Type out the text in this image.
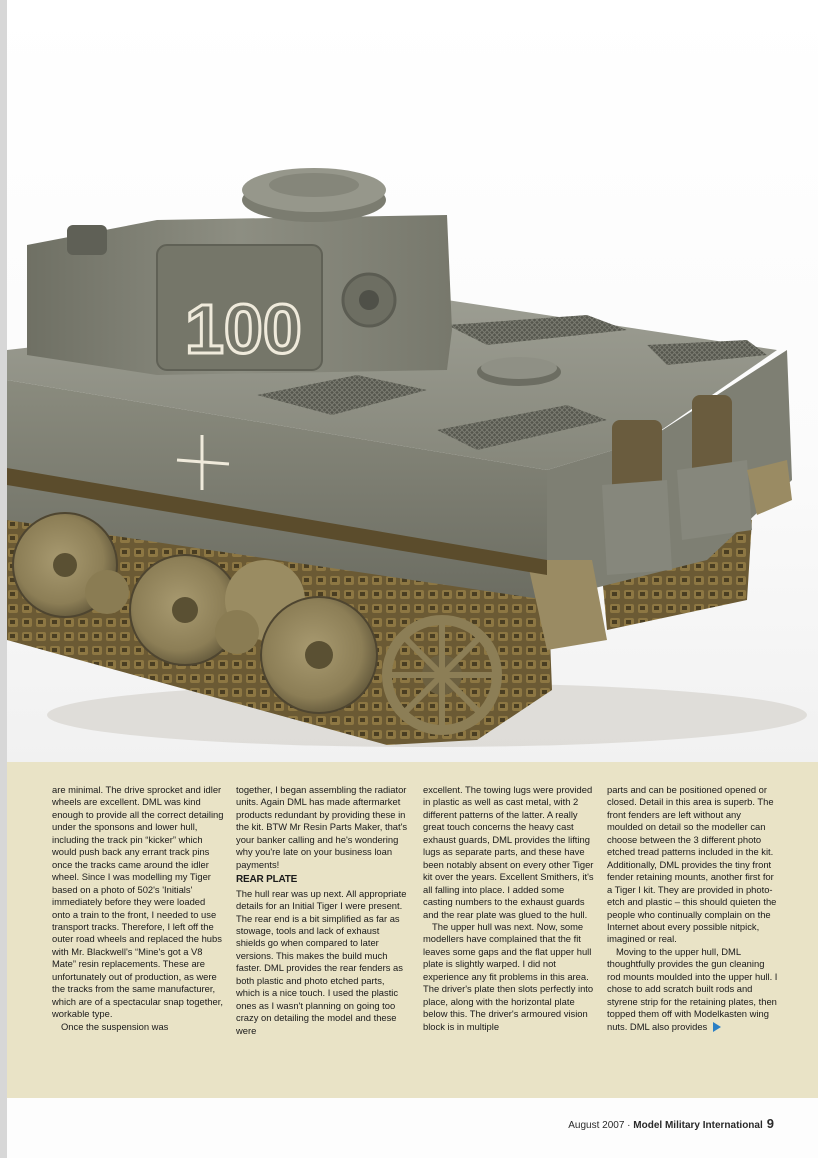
100

are minimal. The drive sprocket and idler wheels are excellent. DML was kind enough to provide all the correct detailing under the sponsons and lower hull, including the track pin “kicker” which would push back any errant track pins once the tracks came around the idler wheel. Since I was modelling my Tiger based on a photo of 502's 'Initials' immediately before they were loaded onto a train to the front, I needed to use transport tracks. Therefore, I left off the outer road wheels and replaced the hubs with Mr. Blackwell's “Mine's got a V8 Mate” resin replacements. These are unfortunately out of production, as were the tracks from the same manufacturer, which are of a spectacular snap together, workable type.

Once the suspension was

together, I began assembling the radiator units. Again DML has made aftermarket products redundant by providing these in the kit. BTW Mr Resin Parts Maker, that's your banker calling and he's wondering why you're late on your business loan payments!

REAR PLATE

The hull rear was up next. All appropriate details for an Initial Tiger I were present. The rear end is a bit simplified as far as stowage, tools and lack of exhaust shields go when compared to later versions. This makes the build much faster. DML provides the rear fenders as both plastic and photo etched parts, which is a nice touch. I used the plastic ones as I wasn't planning on going too crazy on detailing the model and these were

excellent. The towing lugs were provided in plastic as well as cast metal, with 2 different patterns of the latter. A really great touch concerns the heavy cast exhaust guards, DML provides the lifting lugs as separate parts, and these have been notably absent on every other Tiger kit over the years. Excellent Smithers, it's all falling into place. I added some casting numbers to the exhaust guards and the rear plate was glued to the hull.

The upper hull was next. Now, some modellers have complained that the fit leaves some gaps and the flat upper hull plate is slightly warped. I did not experience any fit problems in this area. The driver's plate then slots perfectly into place, along with the horizontal plate below this. The driver's armoured vision block is in multiple

parts and can be positioned opened or closed. Detail in this area is superb. The front fenders are left without any moulded on detail so the modeller can choose between the 3 different photo etched tread patterns included in the kit. Additionally, DML provides the tiny front fender retaining mounts, another first for a Tiger I kit. They are provided in photo-etch and plastic – this should quieten the people who continually complain on the Internet about every possible nitpick, imagined or real.

Moving to the upper hull, DML thoughtfully provides the gun cleaning rod mounts moulded into the upper hull. I chose to add scratch built rods and styrene strip for the retaining plates, then topped them off with Modelkasten wing nuts. DML also provides

August 2007 · Model Military International 9
